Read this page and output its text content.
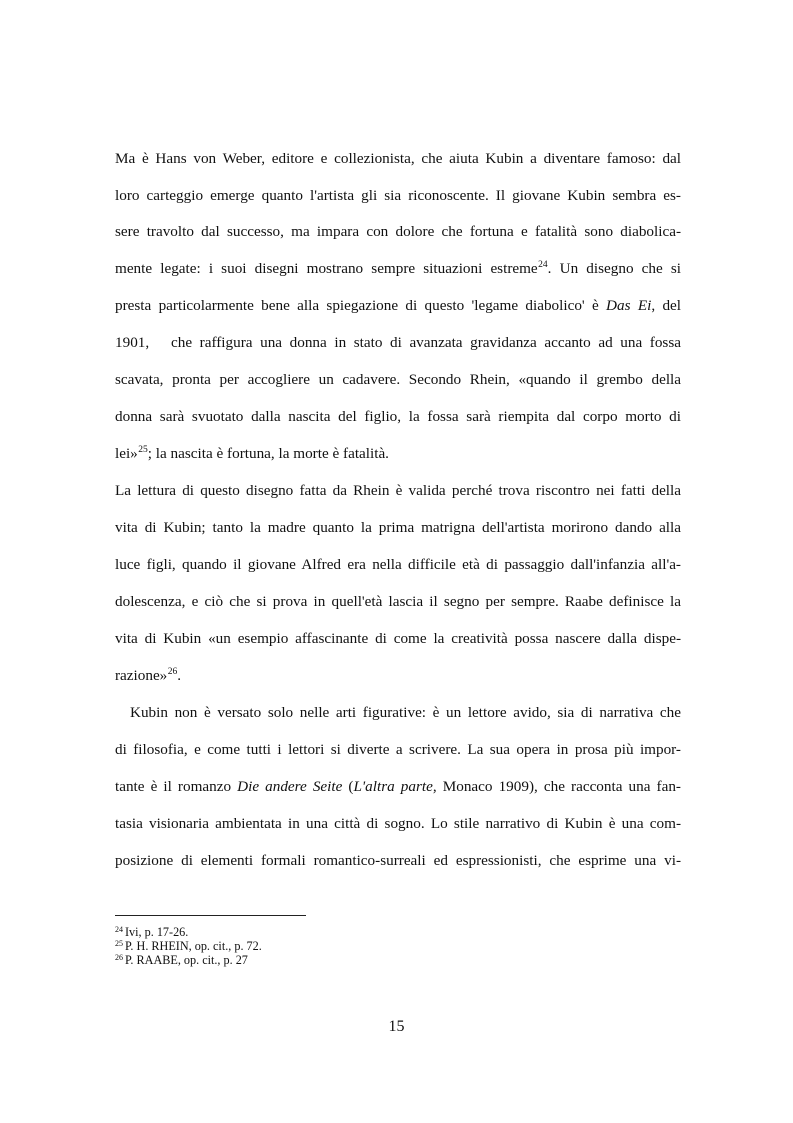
Ma è Hans von Weber, editore e collezionista, che aiuta Kubin a diventare famoso: dal
loro carteggio emerge quanto l'artista gli sia riconoscente. Il giovane Kubin sembra es-
sere travolto dal successo, ma impara con dolore che fortuna e fatalità sono diabolica-
mente legate: i suoi disegni mostrano sempre situazioni estreme$^{24}$. Un disegno che si
presta particolarmente bene alla spiegazione di questo 'legame diabolico' è Das Ei, del
1901, che raffigura una donna in stato di avanzata gravidanza accanto ad una fossa
scavata, pronta per accogliere un cadavere. Secondo Rhein, «quando il grembo della
donna sarà svuotato dalla nascita del figlio, la fossa sarà riempita dal corpo morto di
lei»$^{25}$; la nascita è fortuna, la morte è fatalità.
La lettura di questo disegno fatta da Rhein è valida perché trova riscontro nei fatti della
vita di Kubin; tanto la madre quanto la prima matrigna dell'artista morirono dando alla
luce figli, quando il giovane Alfred era nella difficile età di passaggio dall'infanzia all'a-
dolescenza, e ciò che si prova in quell'età lascia il segno per sempre. Raabe definisce la
vita di Kubin «un esempio affascinante di come la creatività possa nascere dalla dispe-
razione»$^{26}$.
Kubin non è versato solo nelle arti figurative: è un lettore avido, sia di narrativa che
di filosofia, e come tutti i lettori si diverte a scrivere. La sua opera in prosa più impor-
tante è il romanzo Die andere Seite (L'altra parte, Monaco 1909), che racconta una fan-
tasia visionaria ambientata in una città di sogno. Lo stile narrativo di Kubin è una com-
posizione di elementi formali romantico-surreali ed espressionisti, che esprime una vi-
$^{24}$ Ivi, p. 17-26.
$^{25}$ P. H. RHEIN, op. cit., p. 72.
$^{26}$ P. RAABE, op. cit., p. 27
15
